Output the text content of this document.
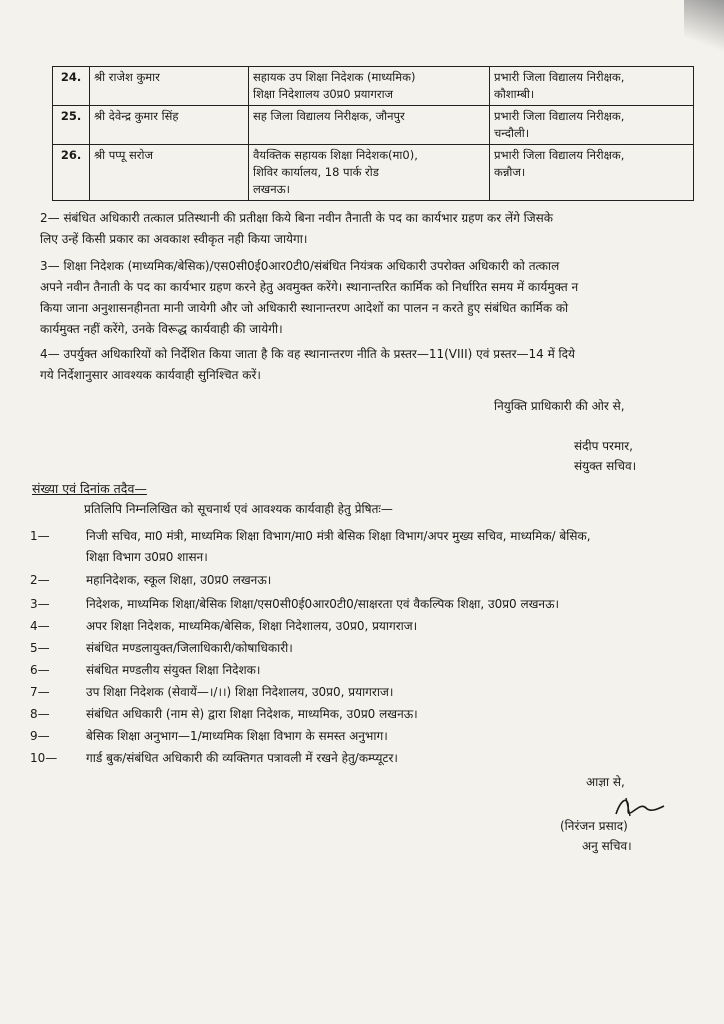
24.	श्री राजेश कुमार	सहायक उप शिक्षा निदेशक (माध्यमिक)
शिक्षा निदेशालय उ0प्र0 प्रयागराज	प्रभारी जिला विद्यालय निरीक्षक,
कौशाम्बी।

25.	श्री देवेन्द्र कुमार सिंह	सह जिला विद्यालय निरीक्षक, जौनपुर	प्रभारी जिला विद्यालय निरीक्षक,
चन्दौली।

26.	श्री पप्पू सरोज	वैयक्तिक सहायक शिक्षा निदेशक(मा0),
शिविर कार्यालय, 18 पार्क रोड
लखनऊ।	प्रभारी जिला विद्यालय निरीक्षक,
कन्नौज।
2— संबंधित अधिकारी तत्काल प्रतिस्थानी की प्रतीक्षा किये बिना नवीन तैनाती के पद का कार्यभार ग्रहण कर लेंगे जिसके
लिए उन्हें किसी प्रकार का अवकाश स्वीकृत नही किया जायेगा।
3— शिक्षा निदेशक (माध्यमिक/बेसिक)/एस0सी0ई0आर0टी0/संबंधित नियंत्रक अधिकारी उपरोक्त अधिकारी को तत्काल
अपने नवीन तैनाती के पद का कार्यभार ग्रहण करने हेतु अवमुक्त करेंगे। स्थानान्तरित कार्मिक को निर्धारित समय में कार्यमुक्त न
किया जाना अनुशासनहीनता मानी जायेगी और जो अधिकारी स्थानान्तरण आदेशों का पालन न करते हुए संबंधित कार्मिक को
कार्यमुक्त नहीं करेंगे, उनके विरूद्ध कार्यवाही की जायेगी।
4— उपर्युक्त अधिकारियों को निर्देशित किया जाता है कि वह स्थानान्तरण नीति के प्रस्तर—11(VIII) एवं प्रस्तर—14 में दिये
गये निर्देशानुसार आवश्यक कार्यवाही सुनिश्चित करें।
नियुक्ति प्राधिकारी की ओर से,
संदीप परमार,
संयुक्त सचिव।
संख्या एवं दिनांक तदैव—
प्रतिलिपि निम्नलिखित को सूचनार्थ एवं आवश्यक कार्यवाही हेतु प्रेषितः—
1—	निजी सचिव, मा0 मंत्री, माध्यमिक शिक्षा विभाग/मा0 मंत्री बेसिक शिक्षा विभाग/अपर मुख्य सचिव, माध्यमिक/ बेसिक,
शिक्षा विभाग उ0प्र0 शासन।
2—	महानिदेशक, स्कूल शिक्षा, उ0प्र0 लखनऊ।
3—	निदेशक, माध्यमिक शिक्षा/बेसिक शिक्षा/एस0सी0ई0आर0टी0/साक्षरता एवं वैकल्पिक शिक्षा, उ0प्र0 लखनऊ।
4—	अपर शिक्षा निदेशक, माध्यमिक/बेसिक, शिक्षा निदेशालय, उ0प्र0, प्रयागराज।
5—	संबंधित मण्डलायुक्त/जिलाधिकारी/कोषाधिकारी।
6—	संबंधित मण्डलीय संयुक्त शिक्षा निदेशक।
7—	उप शिक्षा निदेशक (सेवायें—।/।।) शिक्षा निदेशालय, उ0प्र0, प्रयागराज।
8—	संबंधित अधिकारी (नाम से) द्वारा शिक्षा निदेशक, माध्यमिक, उ0प्र0 लखनऊ।
9—	बेसिक शिक्षा अनुभाग—1/माध्यमिक शिक्षा विभाग के समस्त अनुभाग।
10—	गार्ड बुक/संबंधित अधिकारी की व्यक्तिगत पत्रावली में रखने हेतु/कम्प्यूटर।
आज्ञा से,
(निरंजन प्रसाद)
अनु सचिव।
